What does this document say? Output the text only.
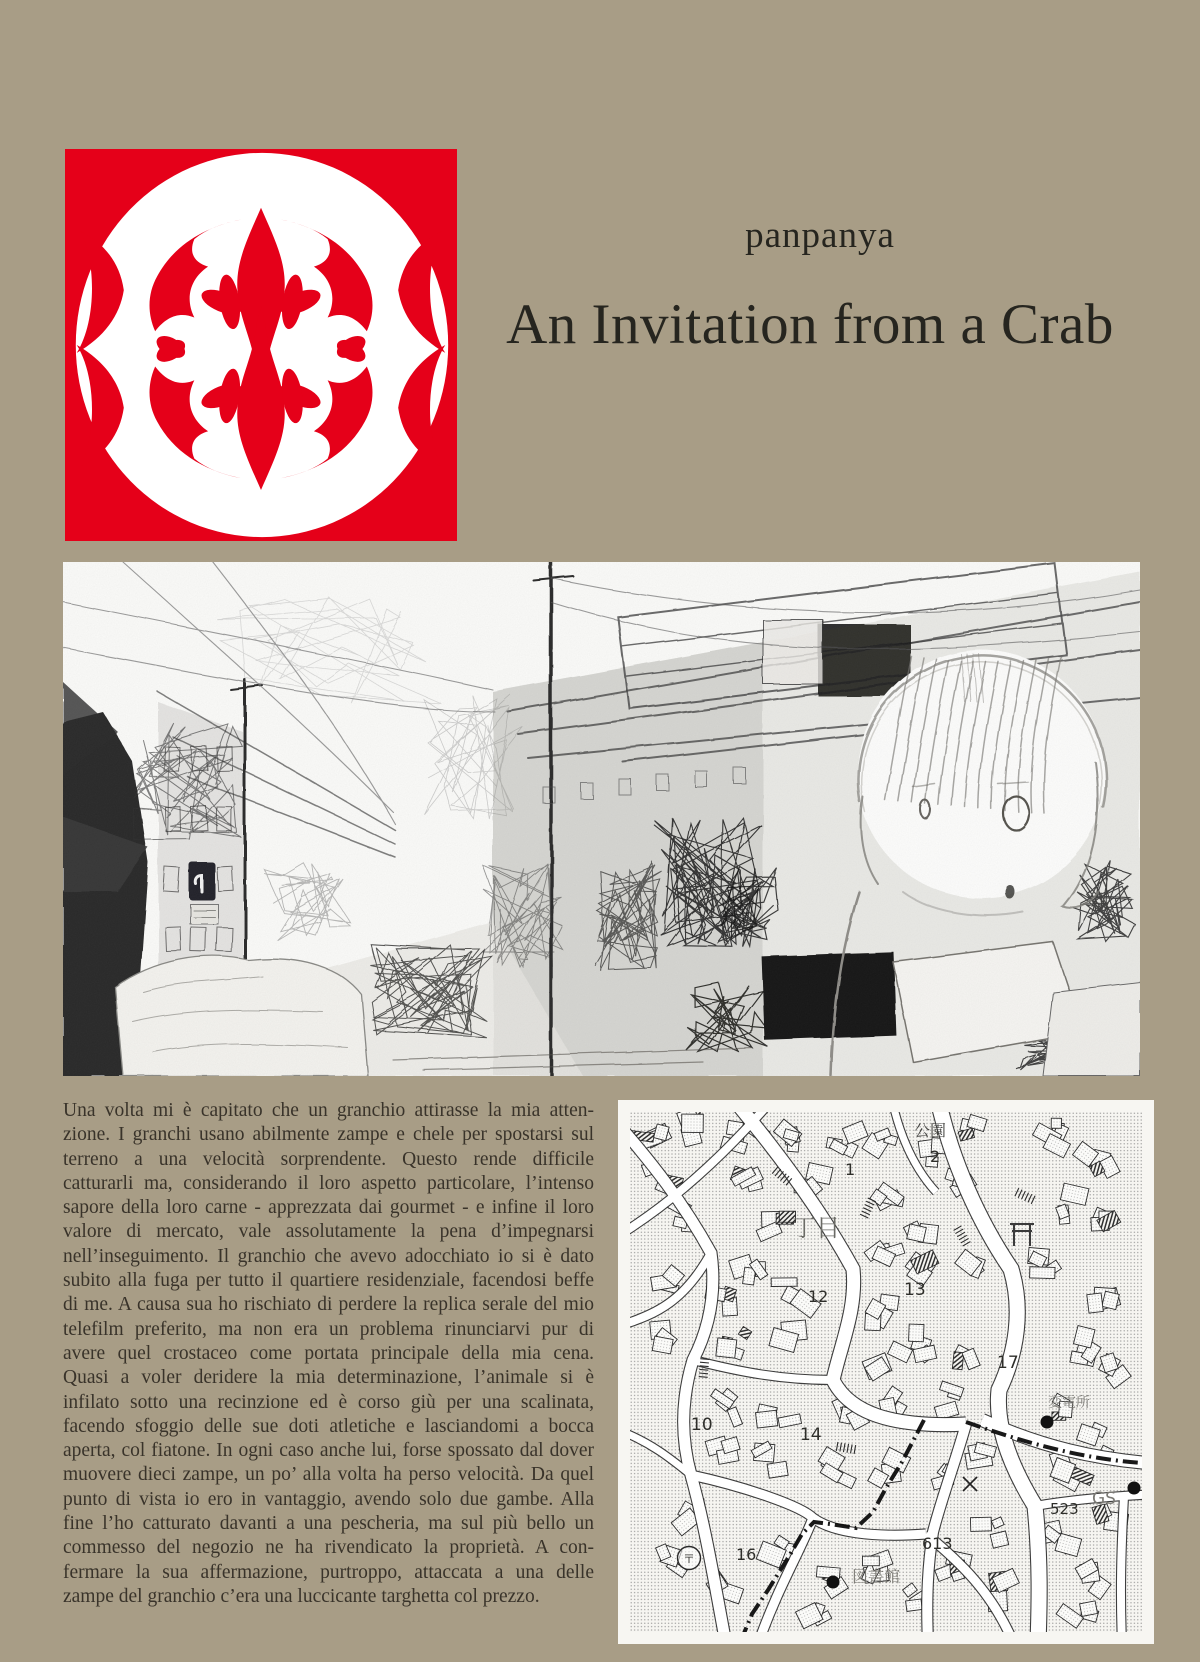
panpanya
An Invitation from a Crab
Una volta mi è capitato che un granchio attirasse la mia atten-
zione. I granchi usano abilmente zampe e chele per spostarsi sul
terreno a una velocità sorprendente. Questo rende difficile
catturarli ma, considerando il loro aspetto particolare, l’intenso
sapore della loro carne - apprezzata dai gourmet - e infine il loro
valore di mercato, vale assolutamente la pena d’impegnarsi
nell’inseguimento. Il granchio che avevo adocchiato io si è dato
subito alla fuga per tutto il quartiere residenziale, facendosi beffe
di me. A causa sua ho rischiato di perdere la replica serale del mio
telefilm preferito, ma non era un problema rinunciarvi pur di
avere quel crostaceo come portata principale della mia cena.
Quasi a voler deridere la mia determinazione, l’animale si è
infilato sotto una recinzione ed è corso giù per una scalinata,
facendo sfoggio delle sue doti atletiche e lasciandomi a bocca
aperta, col fiatone. In ogni caso anche lui, forse spossato dal dover
muovere dieci zampe, un po’ alla volta ha perso velocità. Da quel
punto di vista io ero in vantaggio, avendo solo due gambe. Alla
fine l’ho catturato davanti a una pescheria, ma sul più bello un
commesso del negozio ne ha rivendicato la proprietà. A con-
fermare la sua affermazione, purtroppo, attaccata a una delle
zampe del granchio c’era una luccicante targhetta col prezzo.
公園
2
1
丁目
12	13
17
10	14
変電所
523 GS
613
16
〒
図書館
